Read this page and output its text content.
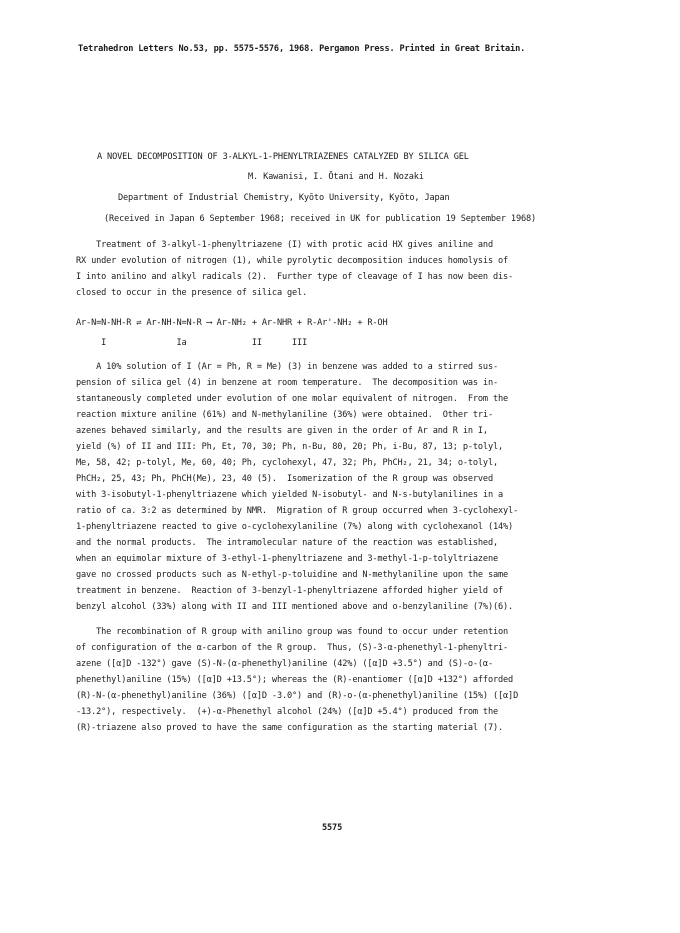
Tetrahedron Letters No.53, pp. 5575-5576, 1968. Pergamon Press. Printed in Great Britain.
A NOVEL DECOMPOSITION OF 3-ALKYL-1-PHENYLTRIAZENES CATALYZED BY SILICA GEL
M. Kawanisi, I. Ōtani and H. Nozaki
Department of Industrial Chemistry, Kyōto University, Kyōto, Japan
(Received in Japan 6 September 1968; received in UK for publication 19 September 1968)
Treatment of 3-alkyl-1-phenyltriazene (I) with protic acid HX gives aniline and
RX under evolution of nitrogen (1), while pyrolytic decomposition induces homolysis of
I into anilino and alkyl radicals (2).  Further type of cleavage of I has now been dis-
closed to occur in the presence of silica gel.
Ar-N=N-NH-R ⇌ Ar-NH-N=N-R ⟶ Ar-NH₂ + Ar-NHR + R-Ar'-NH₂ + R-OH
I              Ia             II      III
A 10% solution of I (Ar = Ph, R = Me) (3) in benzene was added to a stirred sus-
pension of silica gel (4) in benzene at room temperature.  The decomposition was in-
stantaneously completed under evolution of one molar equivalent of nitrogen.  From the
reaction mixture aniline (61%) and N-methylaniline (36%) were obtained.  Other tri-
azenes behaved similarly, and the results are given in the order of Ar and R in I,
yield (%) of II and III: Ph, Et, 70, 30; Ph, n-Bu, 80, 20; Ph, i-Bu, 87, 13; p-tolyl,
Me, 58, 42; p-tolyl, Me, 60, 40; Ph, cyclohexyl, 47, 32; Ph, PhCH₂, 21, 34; o-tolyl,
PhCH₂, 25, 43; Ph, PhCH(Me), 23, 40 (5).  Isomerization of the R group was observed
with 3-isobutyl-1-phenyltriazene which yielded N-isobutyl- and N-s-butylanilines in a
ratio of ca. 3:2 as determined by NMR.  Migration of R group occurred when 3-cyclohexyl-
1-phenyltriazene reacted to give o-cyclohexylaniline (7%) along with cyclohexanol (14%)
and the normal products.  The intramolecular nature of the reaction was established,
when an equimolar mixture of 3-ethyl-1-phenyltriazene and 3-methyl-1-p-tolyltriazene
gave no crossed products such as N-ethyl-p-toluidine and N-methylaniline upon the same
treatment in benzene.  Reaction of 3-benzyl-1-phenyltriazene afforded higher yield of
benzyl alcohol (33%) along with II and III mentioned above and o-benzylaniline (7%)(6).
The recombination of R group with anilino group was found to occur under retention
of configuration of the α-carbon of the R group.  Thus, (S)-3-α-phenethyl-1-phenyltri-
azene ([α]D -132°) gave (S)-N-(α-phenethyl)aniline (42%) ([α]D +3.5°) and (S)-o-(α-
phenethyl)aniline (15%) ([α]D +13.5°); whereas the (R)-enantiomer ([α]D +132°) afforded
(R)-N-(α-phenethyl)aniline (36%) ([α]D -3.0°) and (R)-o-(α-phenethyl)aniline (15%) ([α]D
-13.2°), respectively.  (+)-α-Phenethyl alcohol (24%) ([α]D +5.4°) produced from the
(R)-triazene also proved to have the same configuration as the starting material (7).
5575
